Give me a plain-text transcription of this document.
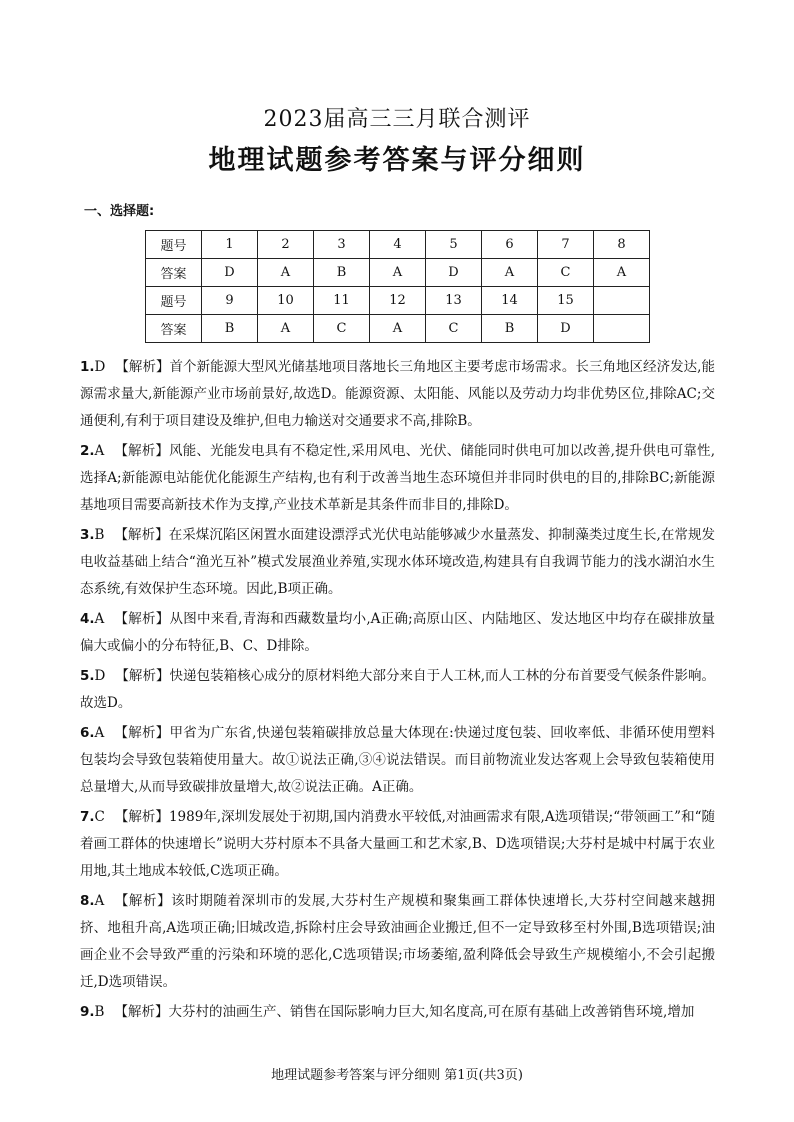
2023届高三三月联合测评
地理试题参考答案与评分细则
一、选择题:
题号	1	2	3	4	5	6	7	8
答案	D	A	B	A	D	A	C	A
题号	9	10	11	12	13	14	15	
答案	B	A	C	A	C	B	D	
1.D 【解析】首个新能源大型风光储基地项目落地长三角地区主要考虑市场需求。长三角地区经济发达,能源需求量大,新能源产业市场前景好,故选D。能源资源、太阳能、风能以及劳动力均非优势区位,排除AC;交通便利,有利于项目建设及维护,但电力输送对交通要求不高,排除B。
2.A 【解析】风能、光能发电具有不稳定性,采用风电、光伏、储能同时供电可加以改善,提升供电可靠性,选择A;新能源电站能优化能源生产结构,也有利于改善当地生态环境但并非同时供电的目的,排除BC;新能源基地项目需要高新技术作为支撑,产业技术革新是其条件而非目的,排除D。
3.B 【解析】在采煤沉陷区闲置水面建设漂浮式光伏电站能够减少水量蒸发、抑制藻类过度生长,在常规发电收益基础上结合“渔光互补”模式发展渔业养殖,实现水体环境改造,构建具有自我调节能力的浅水湖泊水生态系统,有效保护生态环境。因此,B项正确。
4.A 【解析】从图中来看,青海和西藏数量均小,A正确;高原山区、内陆地区、发达地区中均存在碳排放量偏大或偏小的分布特征,B、C、D排除。
5.D 【解析】快递包装箱核心成分的原材料绝大部分来自于人工林,而人工林的分布首要受气候条件影响。故选D。
6.A 【解析】甲省为广东省,快递包装箱碳排放总量大体现在:快递过度包装、回收率低、非循环使用塑料包装均会导致包装箱使用量大。故①说法正确,③④说法错误。而目前物流业发达客观上会导致包装箱使用总量增大,从而导致碳排放量增大,故②说法正确。A正确。
7.C 【解析】1989年,深圳发展处于初期,国内消费水平较低,对油画需求有限,A选项错误;“带领画工”和“随着画工群体的快速增长”说明大芬村原本不具备大量画工和艺术家,B、D选项错误;大芬村是城中村属于农业用地,其土地成本较低,C选项正确。
8.A 【解析】该时期随着深圳市的发展,大芬村生产规模和聚集画工群体快速增长,大芬村空间越来越拥挤、地租升高,A选项正确;旧城改造,拆除村庄会导致油画企业搬迁,但不一定导致移至村外围,B选项错误;油画企业不会导致严重的污染和环境的恶化,C选项错误;市场萎缩,盈利降低会导致生产规模缩小,不会引起搬迁,D选项错误。
9.B 【解析】大芬村的油画生产、销售在国际影响力巨大,知名度高,可在原有基础上改善销售环境,增加
地理试题参考答案与评分细则 第1页(共3页)
